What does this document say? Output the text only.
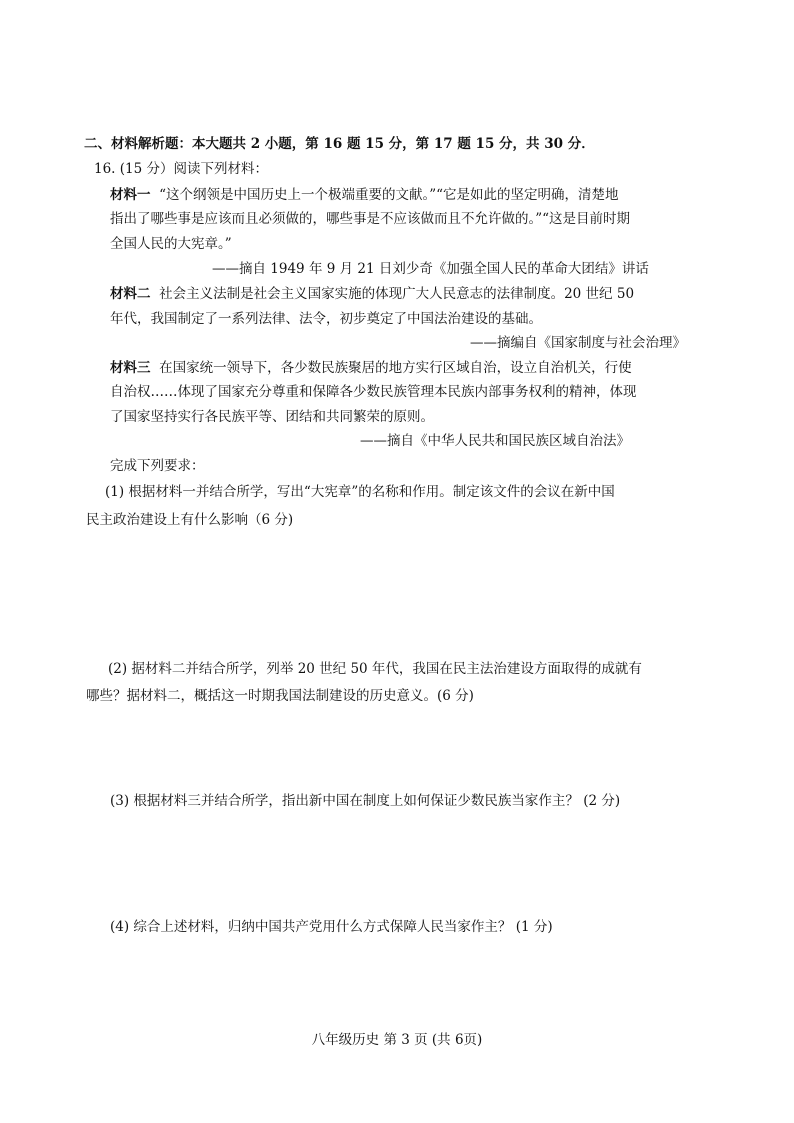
二、材料解析题：本大题共 2 小题，第 16 题 15 分，第 17 题 15 分，共 30 分．
16. (15 分）阅读下列材料：
材料一 “这个纲领是中国历史上一个极端重要的文献。”“它是如此的坚定明确，清楚地
指出了哪些事是应该而且必须做的，哪些事是不应该做而且不允许做的。”“这是目前时期
全国人民的大宪章。”
——摘自 1949 年 9 月 21 日刘少奇《加强全国人民的革命大团结》讲话
材料二 社会主义法制是社会主义国家实施的体现广大人民意志的法律制度。20 世纪 50
年代，我国制定了一系列法律、法令，初步奠定了中国法治建设的基础。
——摘编自《国家制度与社会治理》
材料三 在国家统一领导下，各少数民族聚居的地方实行区域自治，设立自治机关，行使
自治权……体现了国家充分尊重和保障各少数民族管理本民族内部事务权利的精神，体现
了国家坚持实行各民族平等、团结和共同繁荣的原则。
——摘自《中华人民共和国民族区域自治法》
完成下列要求：
(1) 根据材料一并结合所学，写出“大宪章”的名称和作用。制定该文件的会议在新中国
民主政治建设上有什么影响（6 分)
(2) 据材料二并结合所学，列举 20 世纪 50 年代，我国在民主法治建设方面取得的成就有
哪些？据材料二，概括这一时期我国法制建设的历史意义。(6 分)
(3) 根据材料三并结合所学，指出新中国在制度上如何保证少数民族当家作主？ (2 分)
(4) 综合上述材料，归纳中国共产党用什么方式保障人民当家作主？ (1 分)
八年级历史 第 3 页 (共 6页)
